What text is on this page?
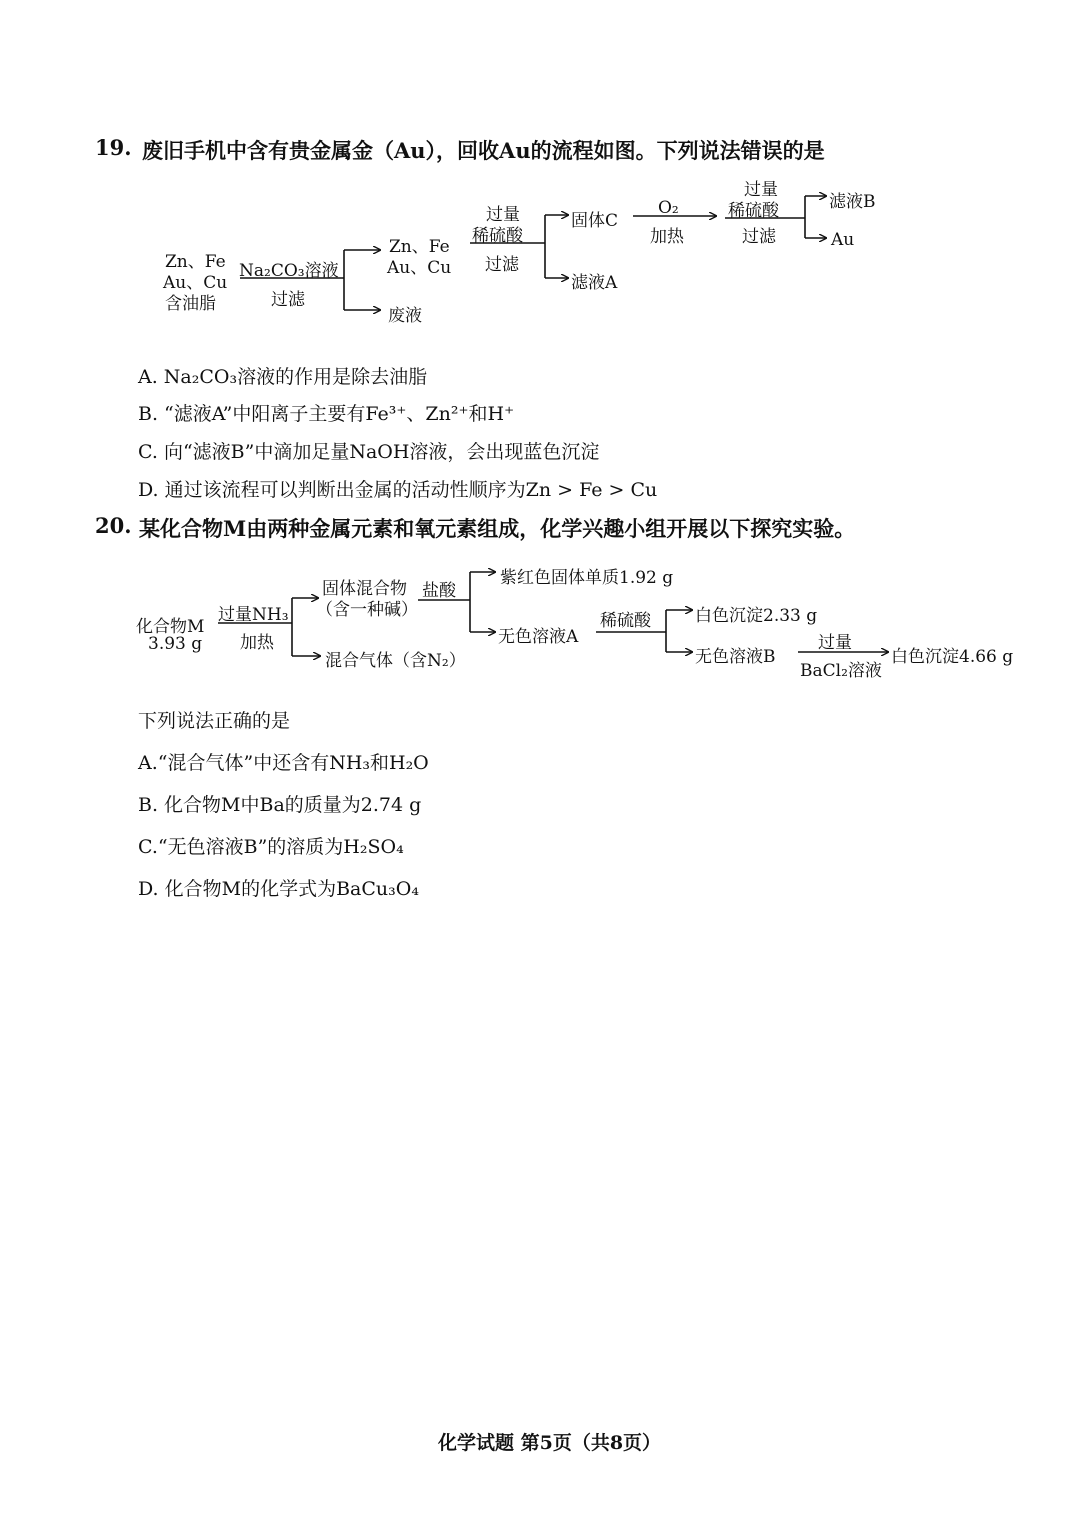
19. 废旧手机中含有贵金属金（Au），回收Au的流程如图。下列说法错误的是
Zn、Fe
Au、Cu
含油脂
Na₂CO₃溶液
过滤
Zn、Fe
Au、Cu
废液
过量
稀硫酸
过滤
固体C
滤液A
O₂
加热
过量
稀硫酸
过滤
滤液B
Au
A. Na₂CO₃溶液的作用是除去油脂
B. “滤液A”中阳离子主要有Fe³⁺、Zn²⁺和H⁺
C. 向“滤液B”中滴加足量NaOH溶液，会出现蓝色沉淀
D. 通过该流程可以判断出金属的活动性顺序为Zn > Fe > Cu
20. 某化合物M由两种金属元素和氧元素组成，化学兴趣小组开展以下探究实验。
化合物M
3.93 g
过量NH₃
加热
固体混合物
（含一种碱）
混合气体（含N₂）
盐酸
紫红色固体单质1.92 g
无色溶液A
稀硫酸	白色沉淀2.33 g
无色溶液B
过量
BaCl₂溶液
白色沉淀4.66 g
下列说法正确的是
A.“混合气体”中还含有NH₃和H₂O
B. 化合物M中Ba的质量为2.74 g
C.“无色溶液B”的溶质为H₂SO₄
D. 化合物M的化学式为BaCu₃O₄
化学试题 第5页（共8页）
